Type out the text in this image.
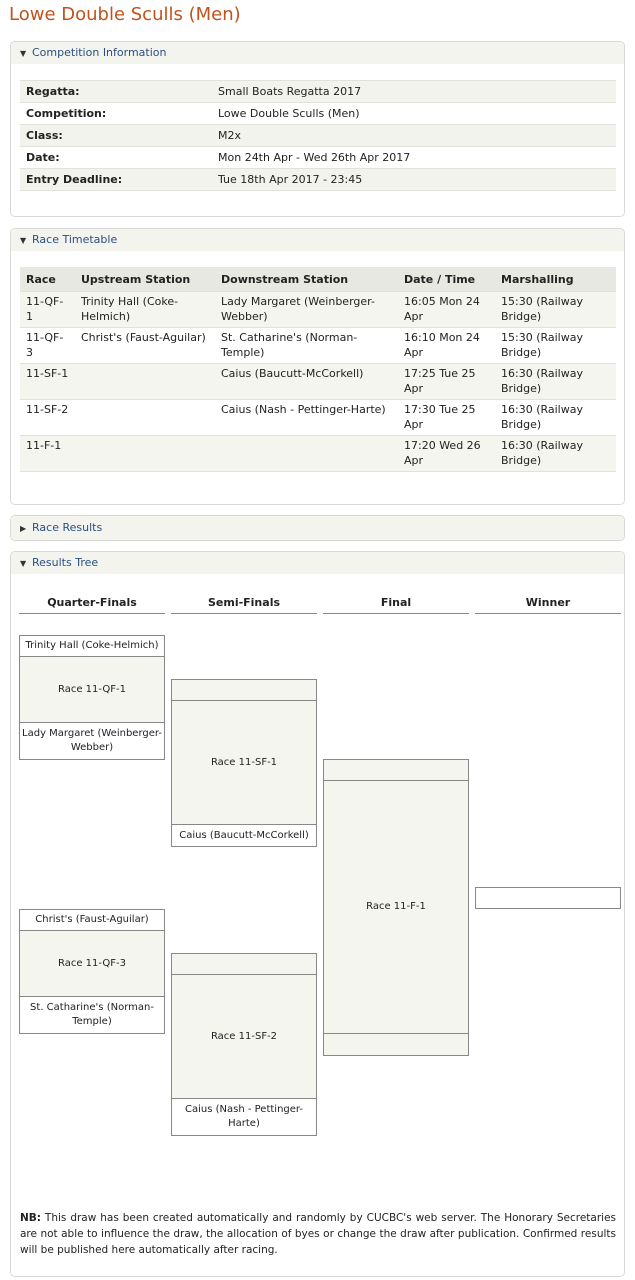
Lowe Double Sculls (Men)
▼ Competition Information
Regatta:	Small Boats Regatta 2017
Competition:	Lowe Double Sculls (Men)
Class:	M2x
Date:	Mon 24th Apr - Wed 26th Apr 2017
Entry Deadline:	Tue 18th Apr 2017 - 23:45
▼ Race Timetable
Race	Upstream Station	Downstream Station	Date / Time	Marshalling
11-QF-1	Trinity Hall (Coke-Helmich)	Lady Margaret (Weinberger-Webber)	16:05 Mon 24 Apr	15:30 (Railway Bridge)
11-QF-3	Christ's (Faust-Aguilar)	St. Catharine's (Norman-Temple)	16:10 Mon 24 Apr	15:30 (Railway Bridge)
11-SF-1		Caius (Baucutt-McCorkell)	17:25 Tue 25 Apr	16:30 (Railway Bridge)
11-SF-2		Caius (Nash - Pettinger-Harte)	17:30 Tue 25 Apr	16:30 (Railway Bridge)
11-F-1			17:20 Wed 26 Apr	16:30 (Railway Bridge)
▶ Race Results
▼ Results Tree
Quarter-Finals	Semi-Finals	Final	Winner
Trinity Hall (Coke-Helmich)
Race 11-QF-1
Lady Margaret (Weinberger-Webber)
Christ's (Faust-Aguilar)
Race 11-QF-3
St. Catharine's (Norman-Temple)
Race 11-SF-1
Caius (Baucutt-McCorkell)
Race 11-SF-2
Caius (Nash - Pettinger-Harte)
Race 11-F-1
NB: This draw has been created automatically and randomly by CUCBC's web server. The Honorary Secretaries are not able to influence the draw, the allocation of byes or change the draw after publication. Confirmed results will be published here automatically after racing.
